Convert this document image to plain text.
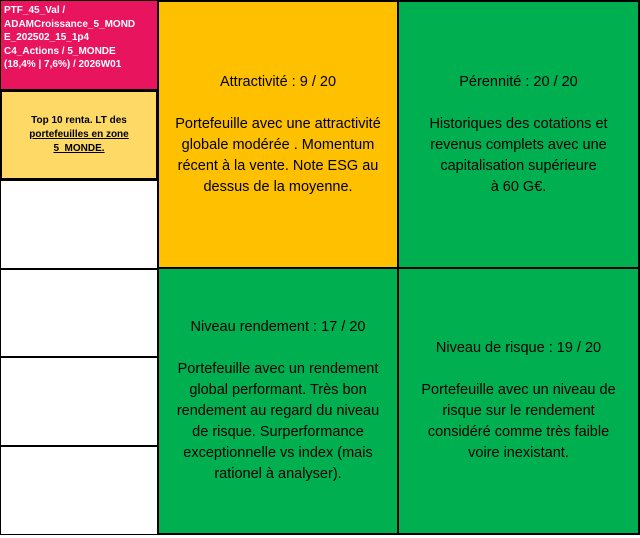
PTF_45_Val /
ADAMCroissance_5_MOND
E_202502_15_1p4
C4_Actions / 5_MONDE
(18,4% | 7,6%) / 2026W01
Top 10 renta. LT des
portefeuilles en zone
5_MONDE.
Attractivité : 9 / 20
Portefeuille avec une attractivité
globale modérée . Momentum
récent à la vente. Note ESG au
dessus de la moyenne.
Pérennité : 20 / 20
Historiques des cotations et
revenus complets avec une
capitalisation supérieure
à 60 G€.
Niveau rendement : 17 / 20
Portefeuille avec un rendement
global performant. Très bon
rendement au regard du niveau
de risque. Surperformance
exceptionnelle vs index (mais
rationel à analyser).
Niveau de risque : 19 / 20
Portefeuille avec un niveau de
risque sur le rendement
considéré comme très faible
voire inexistant.
